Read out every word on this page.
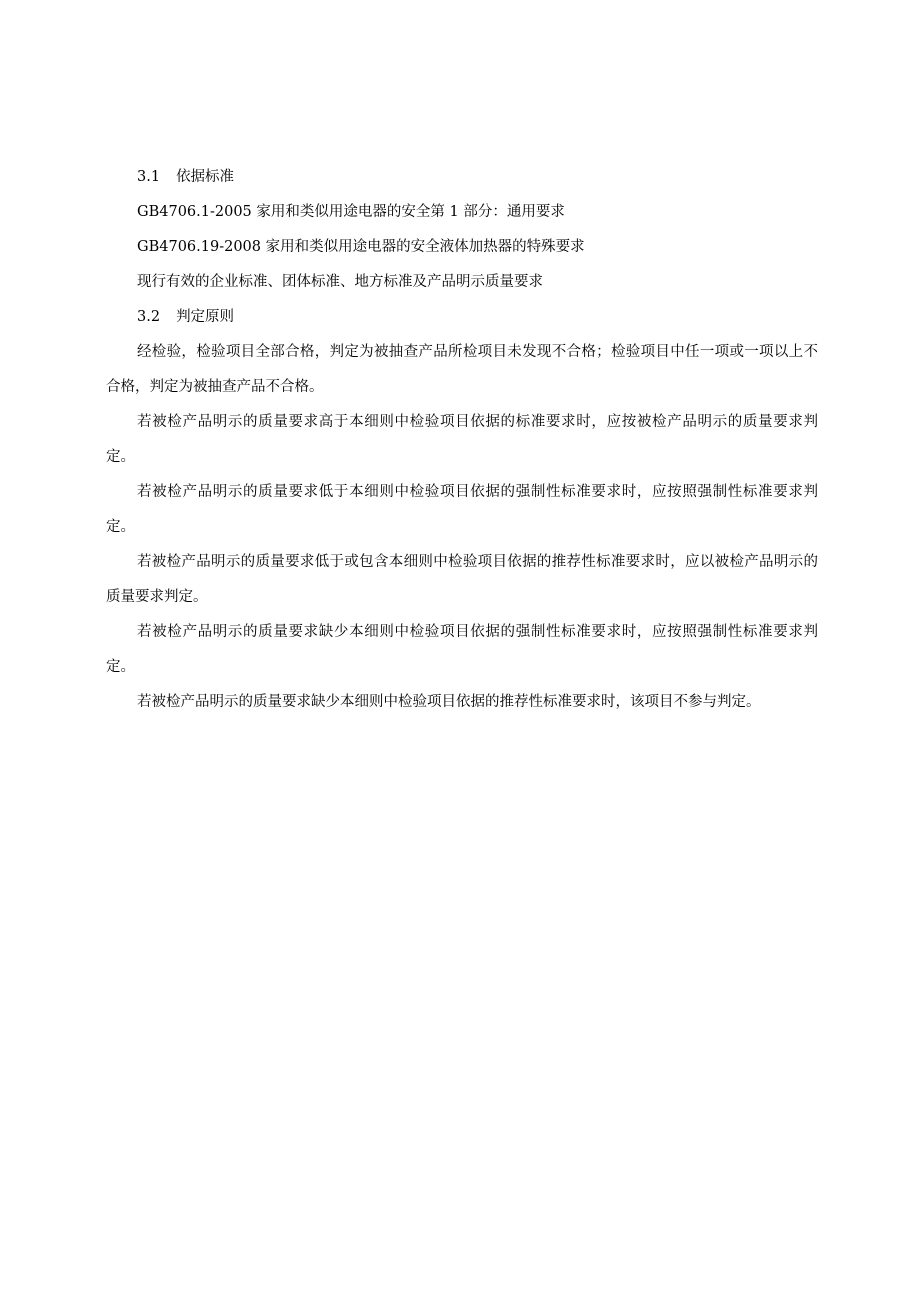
3.1 依据标准
GB4706.1-2005 家用和类似用途电器的安全第 1 部分：通用要求
GB4706.19-2008 家用和类似用途电器的安全液体加热器的特殊要求
现行有效的企业标准、团体标准、地方标准及产品明示质量要求
3.2 判定原则
经检验，检验项目全部合格，判定为被抽查产品所检项目未发现不合格；检验项目中任一项或一项以上不合格，判定为被抽查产品不合格。
若被检产品明示的质量要求高于本细则中检验项目依据的标准要求时，应按被检产品明示的质量要求判定。
若被检产品明示的质量要求低于本细则中检验项目依据的强制性标准要求时，应按照强制性标准要求判定。
若被检产品明示的质量要求低于或包含本细则中检验项目依据的推荐性标准要求时，应以被检产品明示的质量要求判定。
若被检产品明示的质量要求缺少本细则中检验项目依据的强制性标准要求时，应按照强制性标准要求判定。
若被检产品明示的质量要求缺少本细则中检验项目依据的推荐性标准要求时，该项目不参与判定。
